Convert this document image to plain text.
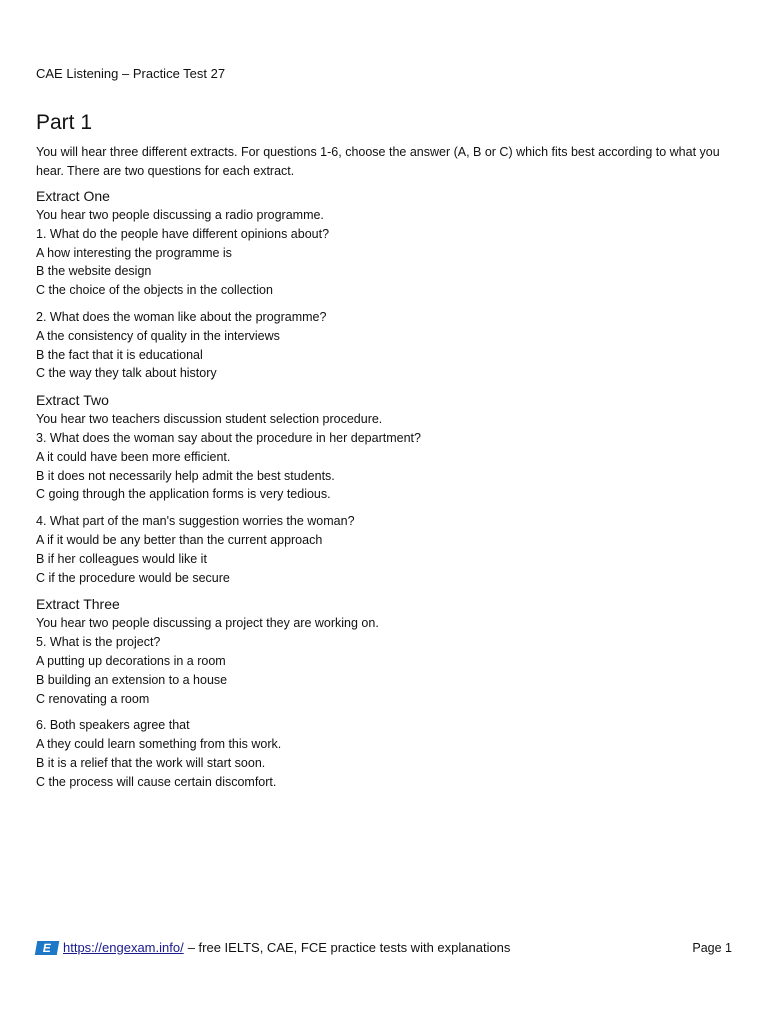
CAE Listening – Practice Test 27
Part 1

You will hear three different extracts. For questions 1-6, choose the answer (A, B or C) which fits best according to what you hear. There are two questions for each extract.

Extract One
You hear two people discussing a radio programme.
1. What do the people have different opinions about?
A how interesting the programme is
B the website design
C the choice of the objects in the collection
2. What does the woman like about the programme?
A the consistency of quality in the interviews
B the fact that it is educational
C the way they talk about history
Extract Two
You hear two teachers discussion student selection procedure.
3. What does the woman say about the procedure in her department?
A it could have been more efficient.
B it does not necessarily help admit the best students.
C going through the application forms is very tedious.
4. What part of the man's suggestion worries the woman?
A if it would be any better than the current approach
B if her colleagues would like it
C if the procedure would be secure
Extract Three
You hear two people discussing a project they are working on.
5. What is the project?
A putting up decorations in a room
B building an extension to a house
C renovating a room
6. Both speakers agree that
A they could learn something from this work.
B it is a relief that the work will start soon.
C the process will cause certain discomfort.
E https://engexam.info/ – free IELTS, CAE, FCE practice tests with explanations	Page 1
